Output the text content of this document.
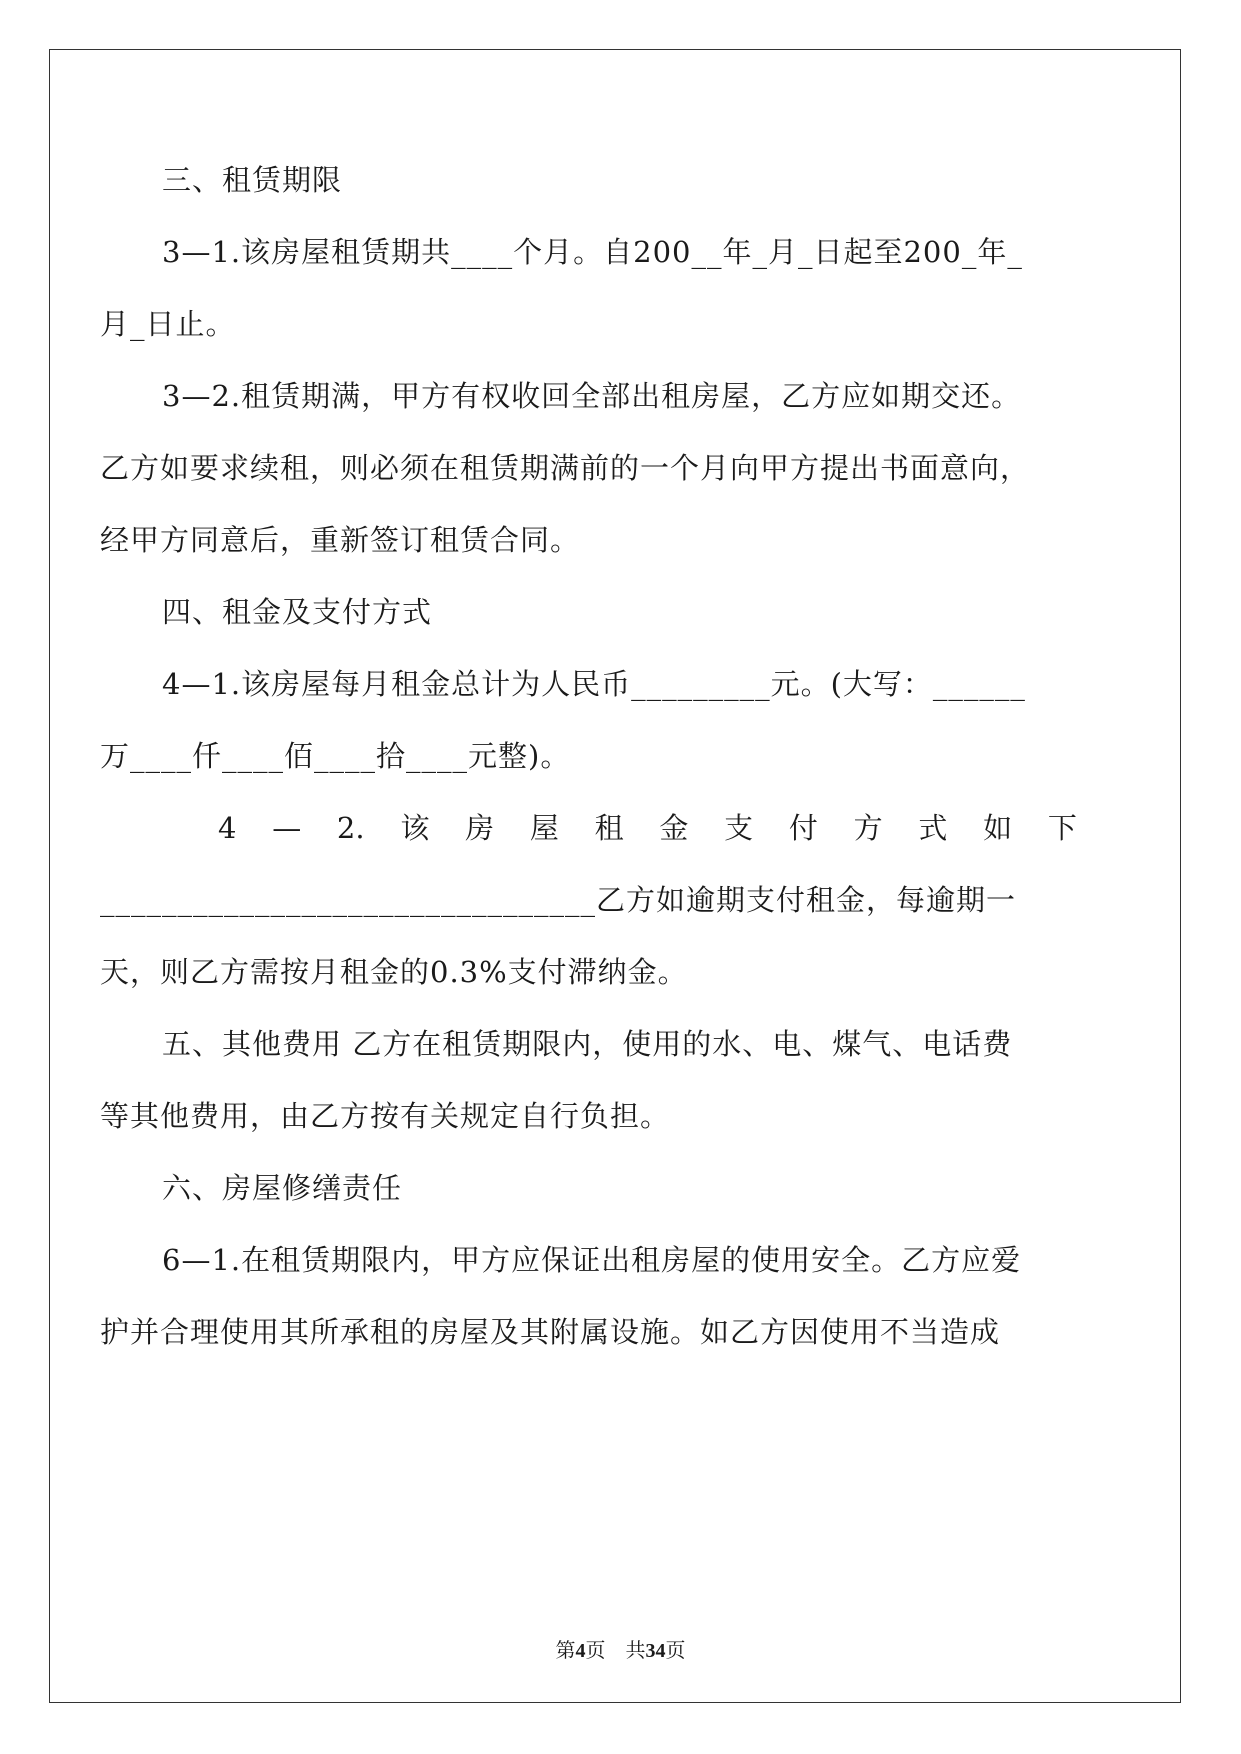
三、租赁期限
3—1.该房屋租赁期共____个月。自200__年_月_日起至200_年_
月_日止。
3—2.租赁期满，甲方有权收回全部出租房屋，乙方应如期交还。
乙方如要求续租，则必须在租赁期满前的一个月向甲方提出书面意向，
经甲方同意后，重新签订租赁合同。
四、租金及支付方式
4—1.该房屋每月租金总计为人民币_________元。(大写：______
万____仟____佰____拾____元整)。
4 — 2. 该 房 屋 租 金 支 付 方 式 如 下
________________________________乙方如逾期支付租金，每逾期一
天，则乙方需按月租金的0.3%支付滞纳金。
五、其他费用 乙方在租赁期限内，使用的水、电、煤气、电话费
等其他费用，由乙方按有关规定自行负担。
六、房屋修缮责任
6—1.在租赁期限内，甲方应保证出租房屋的使用安全。乙方应爱
护并合理使用其所承租的房屋及其附属设施。如乙方因使用不当造成
第4页　共34页
